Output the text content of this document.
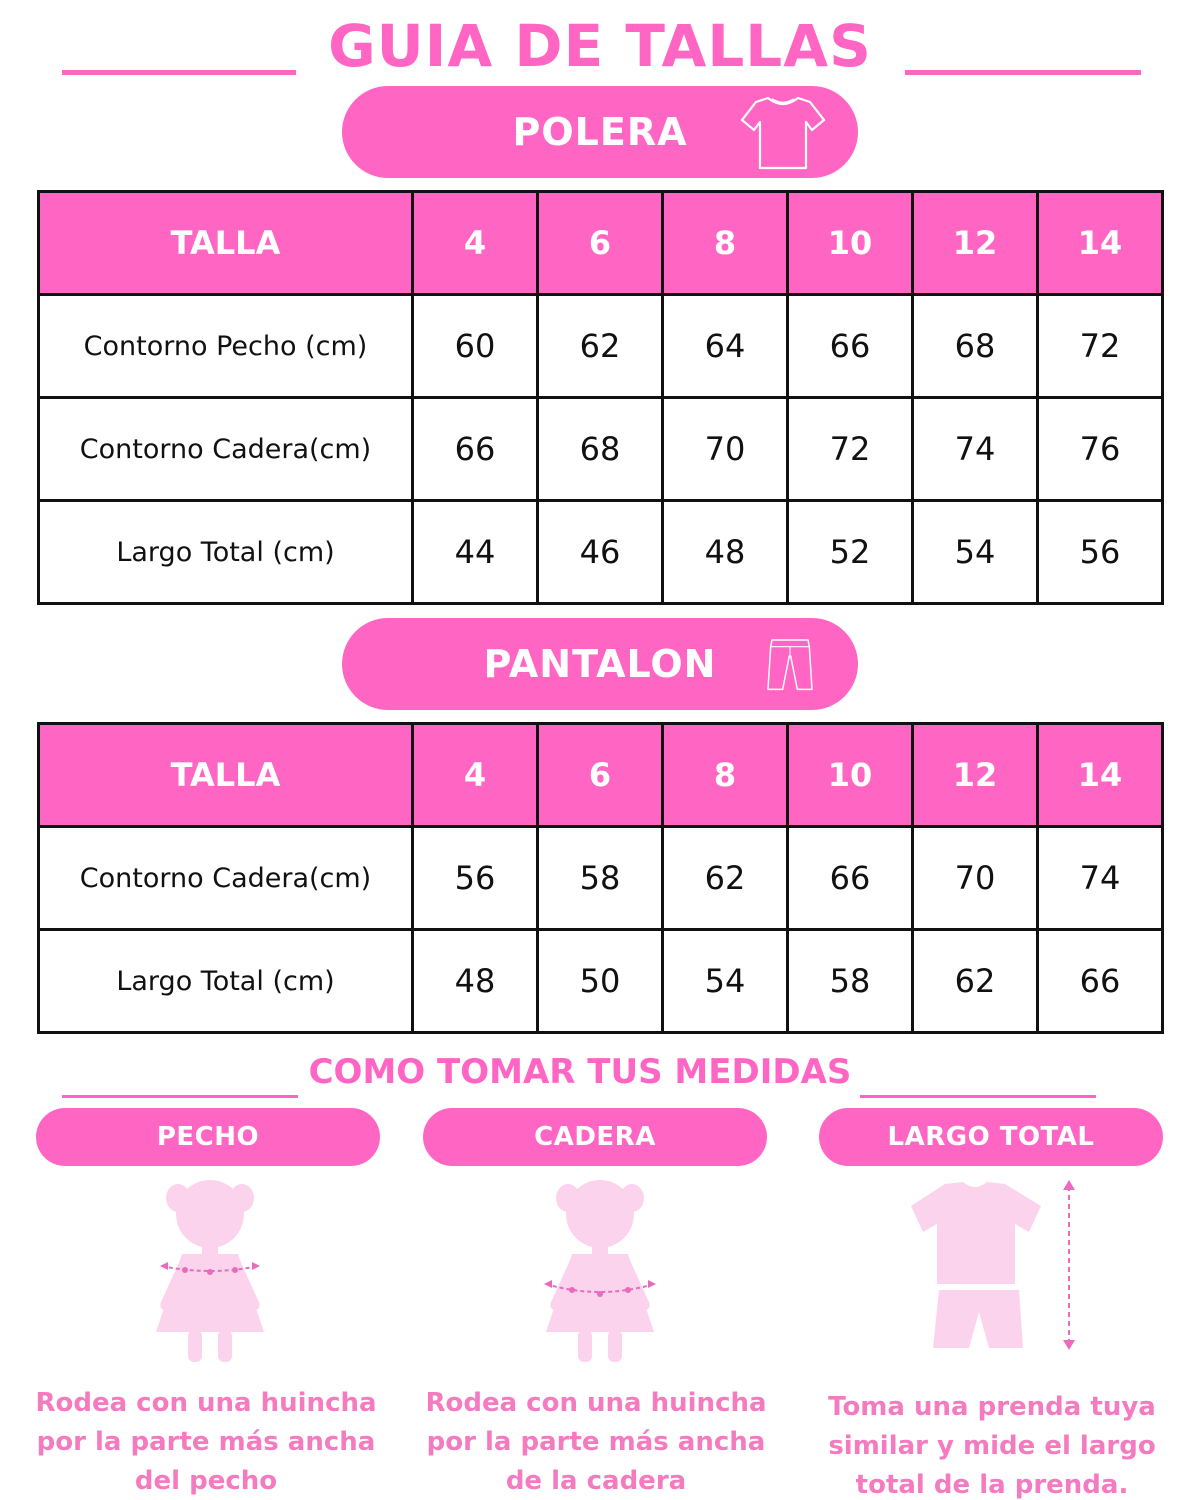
GUIA DE TALLAS
POLERA
TALLA	4	6	8	10	12	14
Contorno Pecho (cm)	60	62	64	66	68	72
Contorno Cadera(cm)	66	68	70	72	74	76
Largo Total (cm)	44	46	48	52	54	56
PANTALON
TALLA	4	6	8	10	12	14
Contorno Cadera(cm)	56	58	62	66	70	74
Largo Total (cm)	48	50	54	58	62	66
COMO TOMAR TUS MEDIDAS
PECHO	CADERA	LARGO TOTAL
Rodea con una huincha
por la parte más ancha
del pecho
Rodea con una huincha
por la parte más ancha
de la cadera
Toma una prenda tuya
similar y mide el largo
total de la prenda.
